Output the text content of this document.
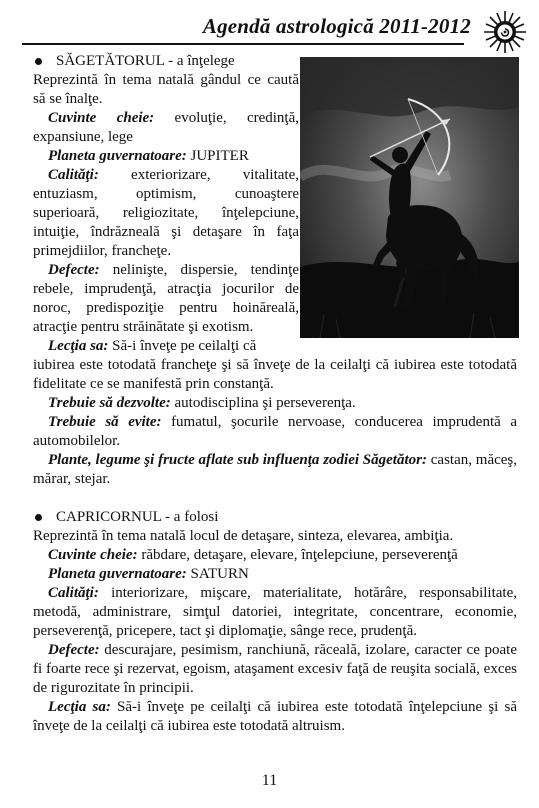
Agendă astrologică 2011-2012

SĂGETĂTORUL - a înţelege

Reprezintă în tema natală gândul ce caută să se înalţe.

Cuvinte cheie: evoluţie, credinţă, expansiune, lege

Planeta guvernatoare: JUPITER

Calităţi: exteriorizare, vitalitate, entuziasm, optimism, cunoaştere superioară, religiozitate, înţelepciune, intuiţie, îndrăzneală şi detaşare în faţa primejdiilor, francheţe.

Defecte: nelinişte, dispersie, tendinţe rebele, imprudenţă, atracţia jocurilor de noroc, predispoziţie pentru hoinăreală, atracţie pentru străinătate şi exotism.

Lecţia sa: Să-i înveţe pe ceilalţi că

iubirea este totodată francheţe şi să înveţe de la ceilalţi că iubirea este totodată fidelitate ce se manifestă prin constanţă.

Trebuie să dezvolte: autodisciplina şi perseverenţa.

Trebuie să evite: fumatul, şocurile nervoase, conducerea imprudentă a automobilelor.

Plante, legume şi fructe aflate sub influenţa zodiei Săgetător: castan, măceş, mărar, stejar.

CAPRICORNUL - a folosi

Reprezintă în tema natală locul de detaşare, sinteza, elevarea, ambiţia.

Cuvinte cheie: răbdare, detaşare, elevare, înţelepciune, perseverenţă

Planeta guvernatoare: SATURN

Calităţi: interiorizare, mişcare, materialitate, hotărâre, responsabilitate, metodă, administrare, simţul datoriei, integritate, concentrare, economie, perseverenţă, pricepere, tact şi diplomaţie, sânge rece, prudenţă.

Defecte: descurajare, pesimism, ranchiună, răceală, izolare, caracter ce poate fi foarte rece şi rezervat, egoism, ataşament excesiv faţă de reuşita socială, exces de rigurozitate în principii.

Lecţia sa: Să-i înveţe pe ceilalţi că iubirea este totodată înţelepciune şi să înveţe de la ceilalţi că iubirea este totodată altruism.

11
